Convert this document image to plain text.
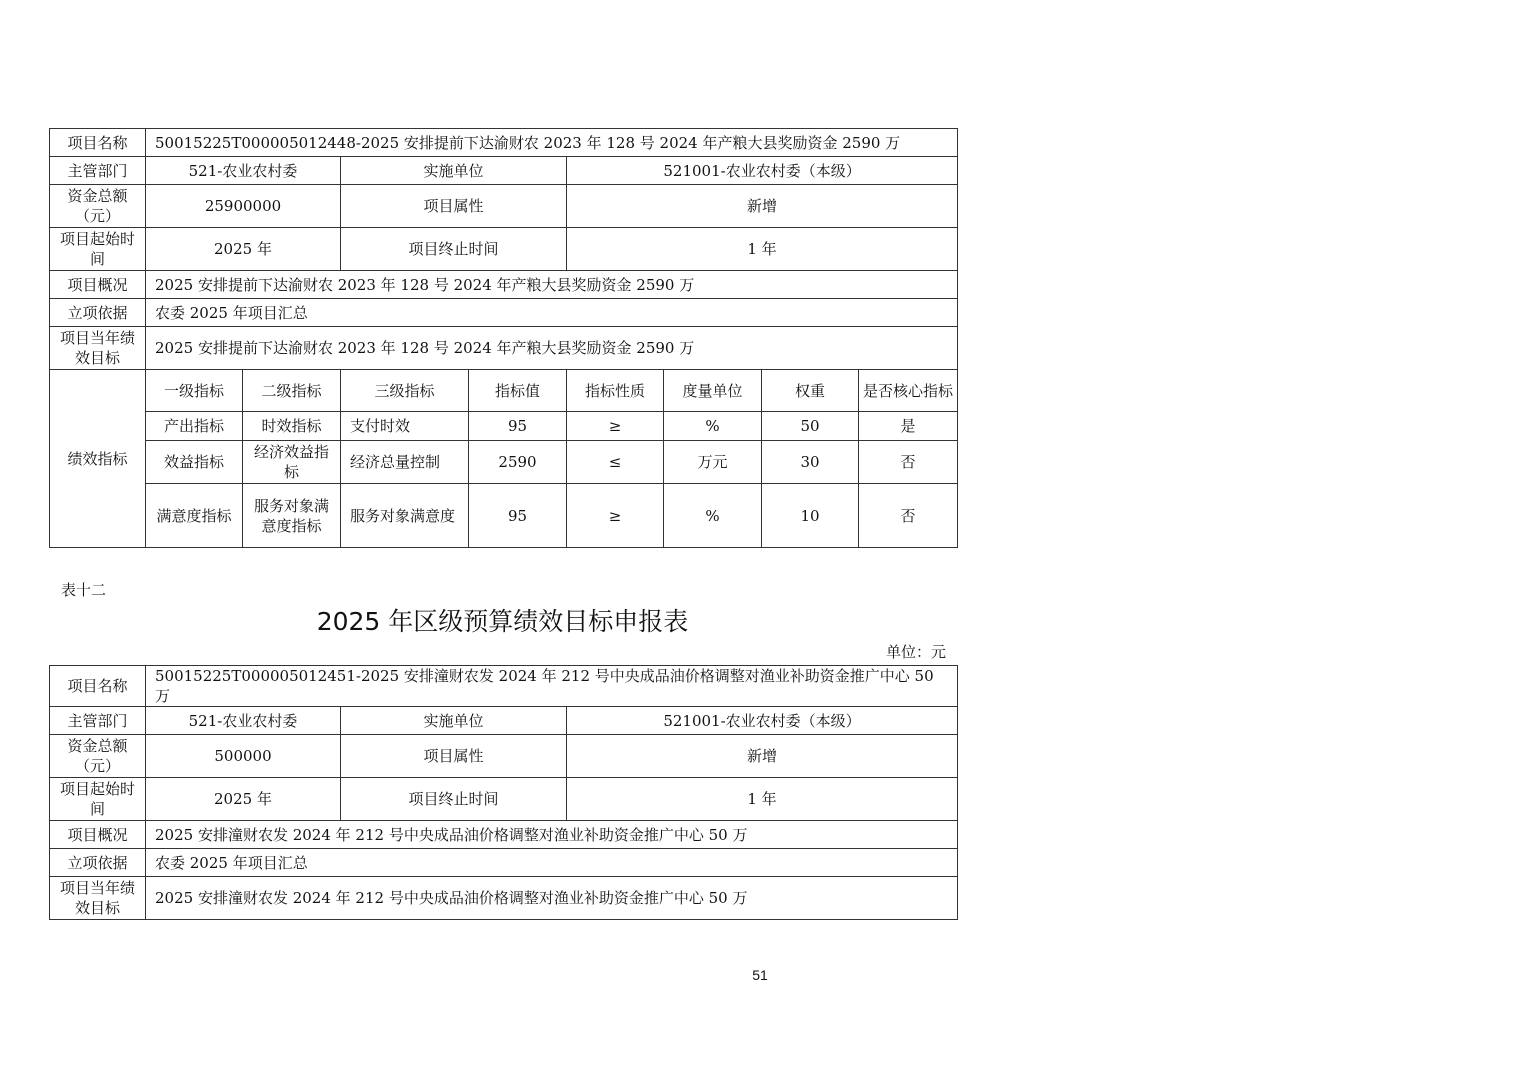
项目名称	50015225T000005012448-2025 安排提前下达渝财农 2023 年 128 号 2024 年产粮大县奖励资金 2590 万							
主管部门	521-农业农村委		实施单位		521001-农业农村委（本级）			
资金总额（元）	25900000		项目属性		新增			
项目起始时间	2025 年		项目终止时间		1 年			
项目概况	2025 安排提前下达渝财农 2023 年 128 号 2024 年产粮大县奖励资金 2590 万							
立项依据	农委 2025 年项目汇总							
项目当年绩效目标	2025 安排提前下达渝财农 2023 年 128 号 2024 年产粮大县奖励资金 2590 万							
绩效指标	一级指标	二级指标	三级指标	指标值	指标性质	度量单位	权重	是否核心指标
	产出指标	时效指标	支付时效	95	≥	%	50	是
	效益指标	经济效益指标	经济总量控制	2590	≤	万元	30	否
	满意度指标	服务对象满意度指标	服务对象满意度	95	≥	%	10	否
表十二
2025 年区级预算绩效目标申报表
单位：元
项目名称	50015225T000005012451-2025 安排潼财农发 2024 年 212 号中央成品油价格调整对渔业补助资金推广中心 50 万		
主管部门	521-农业农村委	实施单位	521001-农业农村委（本级）
资金总额（元）	500000	项目属性	新增
项目起始时间	2025 年	项目终止时间	1 年
项目概况	2025 安排潼财农发 2024 年 212 号中央成品油价格调整对渔业补助资金推广中心 50 万		
立项依据	农委 2025 年项目汇总		
项目当年绩效目标	2025 安排潼财农发 2024 年 212 号中央成品油价格调整对渔业补助资金推广中心 50 万		
51
